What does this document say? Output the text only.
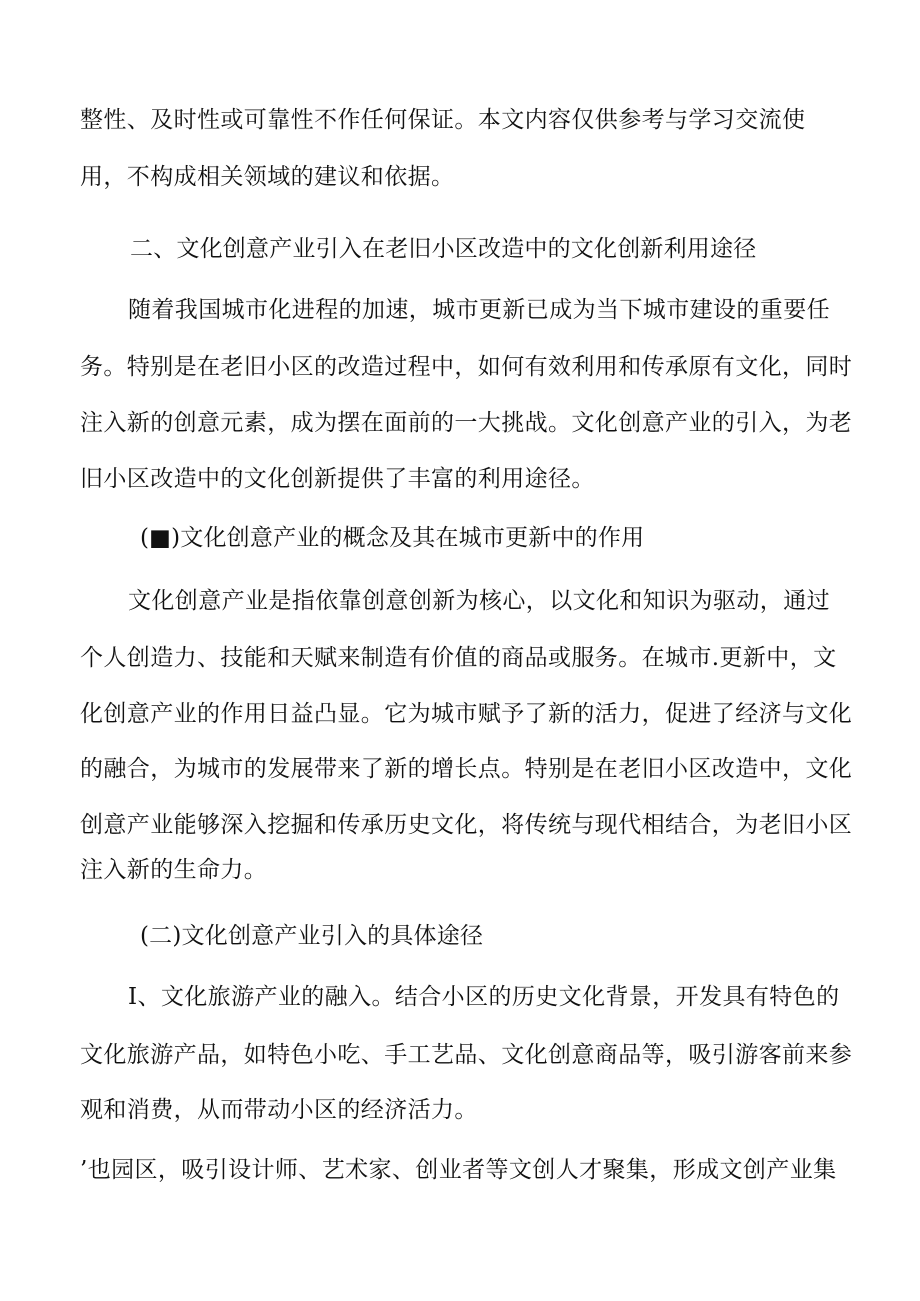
整性、及时性或可靠性不作任何保证。本文内容仅供参考与学习交流使
用，不构成相关领域的建议和依据。
二、文化创意产业引入在老旧小区改造中的文化创新利用途径
随着我国城市化进程的加速，城市更新已成为当下城市建设的重要任
务。特别是在老旧小区的改造过程中，如何有效利用和传承原有文化，同时
注入新的创意元素，成为摆在面前的一大挑战。文化创意产业的引入，为老
旧小区改造中的文化创新提供了丰富的利用途径。
(■)文化创意产业的概念及其在城市更新中的作用
文化创意产业是指依靠创意创新为核心，以文化和知识为驱动，通过
个人创造力、技能和天赋来制造有价值的商品或服务。在城市.更新中，文
化创意产业的作用日益凸显。它为城市赋予了新的活力，促进了经济与文化
的融合，为城市的发展带来了新的增长点。特别是在老旧小区改造中，文化
创意产业能够深入挖掘和传承历史文化，将传统与现代相结合，为老旧小区
注入新的生命力。
(二)文化创意产业引入的具体途径
I、文化旅游产业的融入。结合小区的历史文化背景，开发具有特色的
文化旅游产品，如特色小吃、手工艺品、文化创意商品等，吸引游客前来参
观和消费，从而带动小区的经济活力。
’也园区，吸引设计师、艺术家、创业者等文创人才聚集，形成文创产业集
